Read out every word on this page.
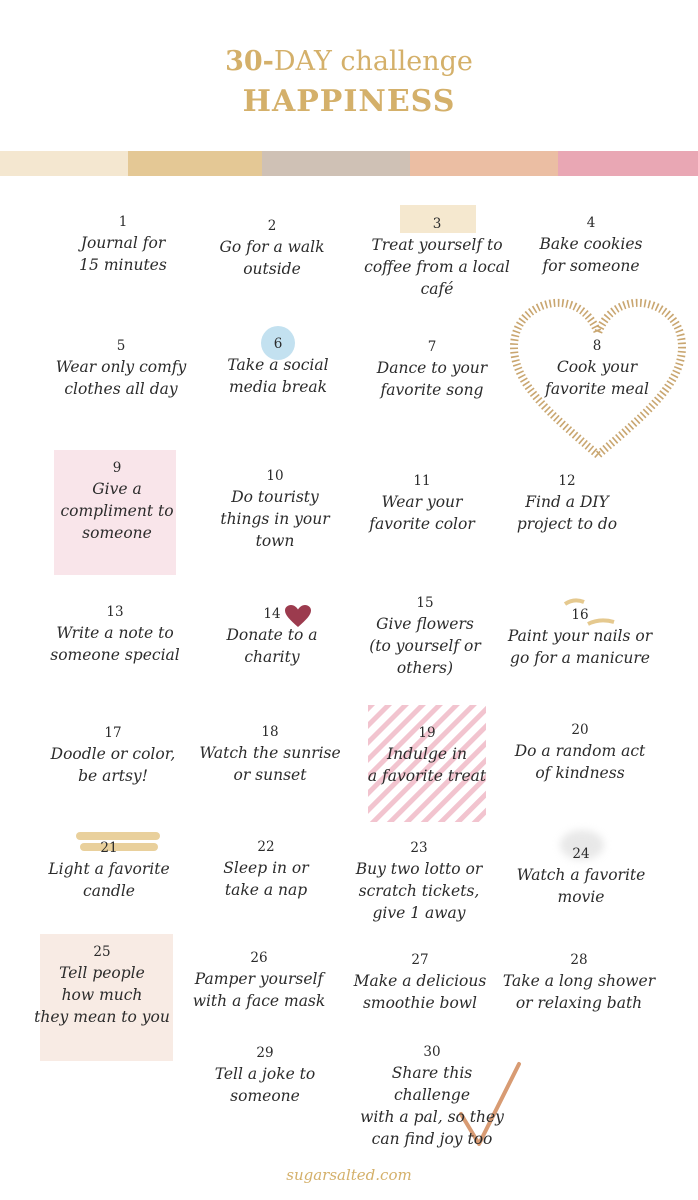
30-DAY challenge
HAPPINESS
1
Journal for
15 minutes
2
Go for a walk
outside
3
Treat yourself to
coffee from a local
café
4
Bake cookies
for someone
5
Wear only comfy
clothes all day
6
Take a social
media break
7
Dance to your
favorite song
8
Cook your
favorite meal
9
Give a
compliment to
someone
10
Do touristy
things in your
town
11
Wear your
favorite color
12
Find a DIY
project to do
13
Write a note to
someone special
14
Donate to a
charity
15
Give flowers
(to yourself or
others)
16
Paint your nails or
go for a manicure
17
Doodle or color,
be artsy!
18
Watch the sunrise
or sunset
19
Indulge in
a favorite treat
20
Do a random act
of kindness
21
Light a favorite
candle
22
Sleep in or
take a nap
23
Buy two lotto or
scratch tickets,
give 1 away
24
Watch a favorite
movie
25
Tell people
how much
they mean to you
26
Pamper yourself
with a face mask
27
Make a delicious
smoothie bowl
28
Take a long shower
or relaxing bath
29
Tell a joke to
someone
30
Share this challenge
with a pal, so they
can find joy too
sugarsalted.com
